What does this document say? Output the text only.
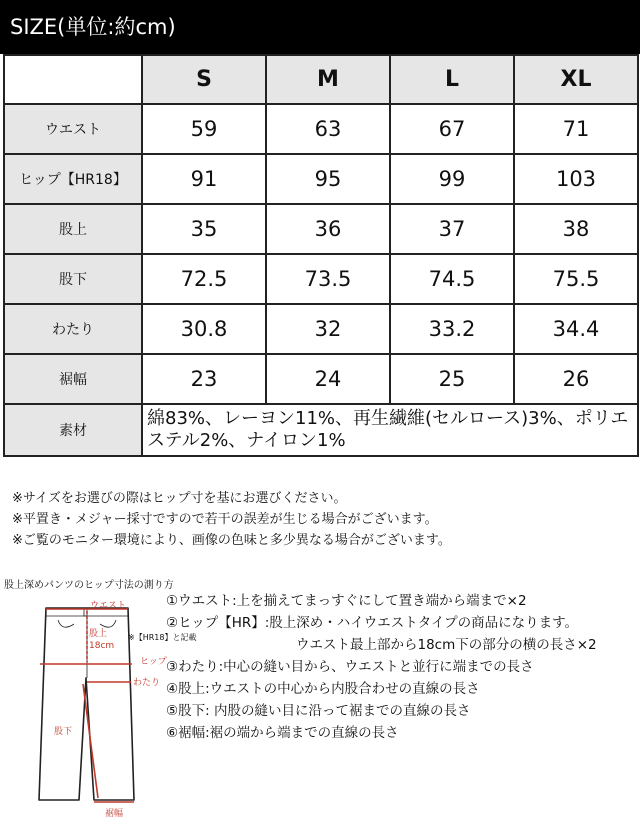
SIZE(単位:約cm)
	S	M	L	XL
ウエスト	59	63	67	71
ヒップ【HR18】	91	95	99	103
股上	35	36	37	38
股下	72.5	73.5	74.5	75.5
わたり	30.8	32	33.2	34.4
裾幅	23	24	25	26
素材	綿83%、レーヨン11%、再生繊維(セルロース)3%、ポリエステル2%、ナイロン1%			
※サイズをお選びの際はヒップ寸を基にお選びください。
※平置き・メジャー採寸ですので若干の誤差が生じる場合がございます。
※ご覧のモニター環境により、画像の色味と多少異なる場合がございます。
股上深めパンツのヒップ寸法の測り方
ウエスト
股上
18cm
※【HR18】と記載
ヒップ
わたり
股下
裾幅
①ウエスト:上を揃えてまっすぐにして置き端から端まで×2
②ヒップ【HR】:股上深め・ハイウエストタイプの商品になります。
ウエスト最上部から18cm下の部分の横の長さ×2
③わたり:中心の縫い目から、ウエストと並行に端までの長さ
④股上:ウエストの中心から内股合わせの直線の長さ
⑤股下: 内股の縫い目に沿って裾までの直線の長さ
⑥裾幅:裾の端から端までの直線の長さ
